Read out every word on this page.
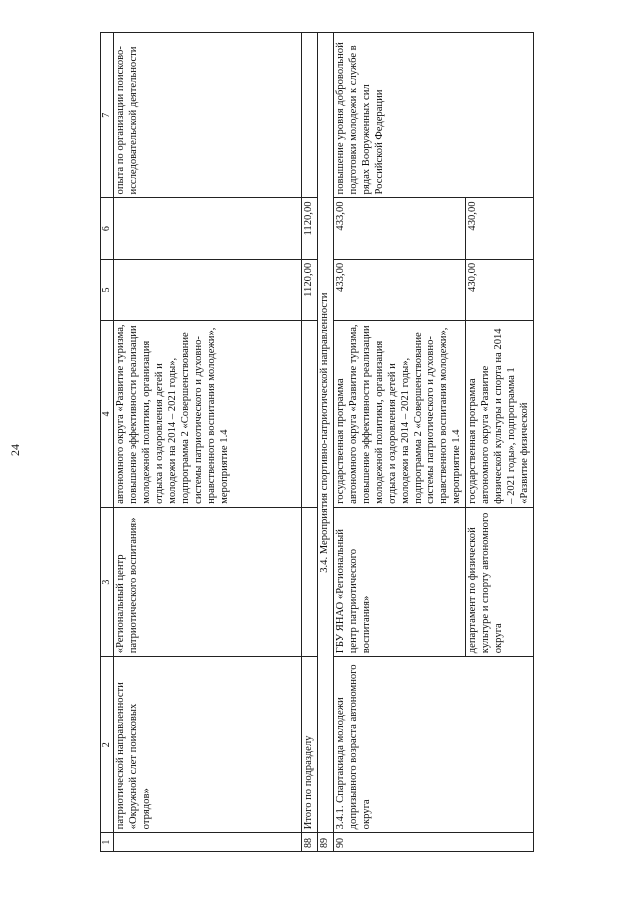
24
1	2	3	4	5	6	7
	патриотической направленности «Окружной слет поисковых отрядов»	«Региональный центр патриотического воспитания»	автономного округа «Развитие туризма, повышение эффективности реализации молодежной политики, организация отдыха и оздоровления детей и молодежи на 2014 – 2021 годы», подпрограмма 2 «Совершенствование системы патриотического и духовно-нравственного воспитания молодежи», мероприятие 1.4			опыта по организации поисково-исследовательской деятельности
88	Итого по подразделу			1120,00	1120,00	
89	3.4. Мероприятия спортивно-патриотической направленности					
90	3.4.1. Спартакиада молодежи допризывного возраста автономного округа	ГБУ ЯНАО «Региональный центр патриотического воспитания»	государственная программа автономного округа «Развитие туризма, повышение эффективности реализации молодежной политики, организация отдыха и оздоровления детей и молодежи на 2014 – 2021 годы», подпрограмма 2 «Совершенствование системы патриотического и духовно-нравственного воспитания молодежи», мероприятие 1.4	433,00	433,00	повышение уровня добровольной подготовки молодежи к службе в рядах Вооруженных сил Российской Федерации
		департамент по физической культуре и спорту автономного округа	государственная программа автономного округа «Развитие физической культуры и спорта на 2014 – 2021 годы», подпрограмма 1 «Развитие физической	430,00	430,00	
